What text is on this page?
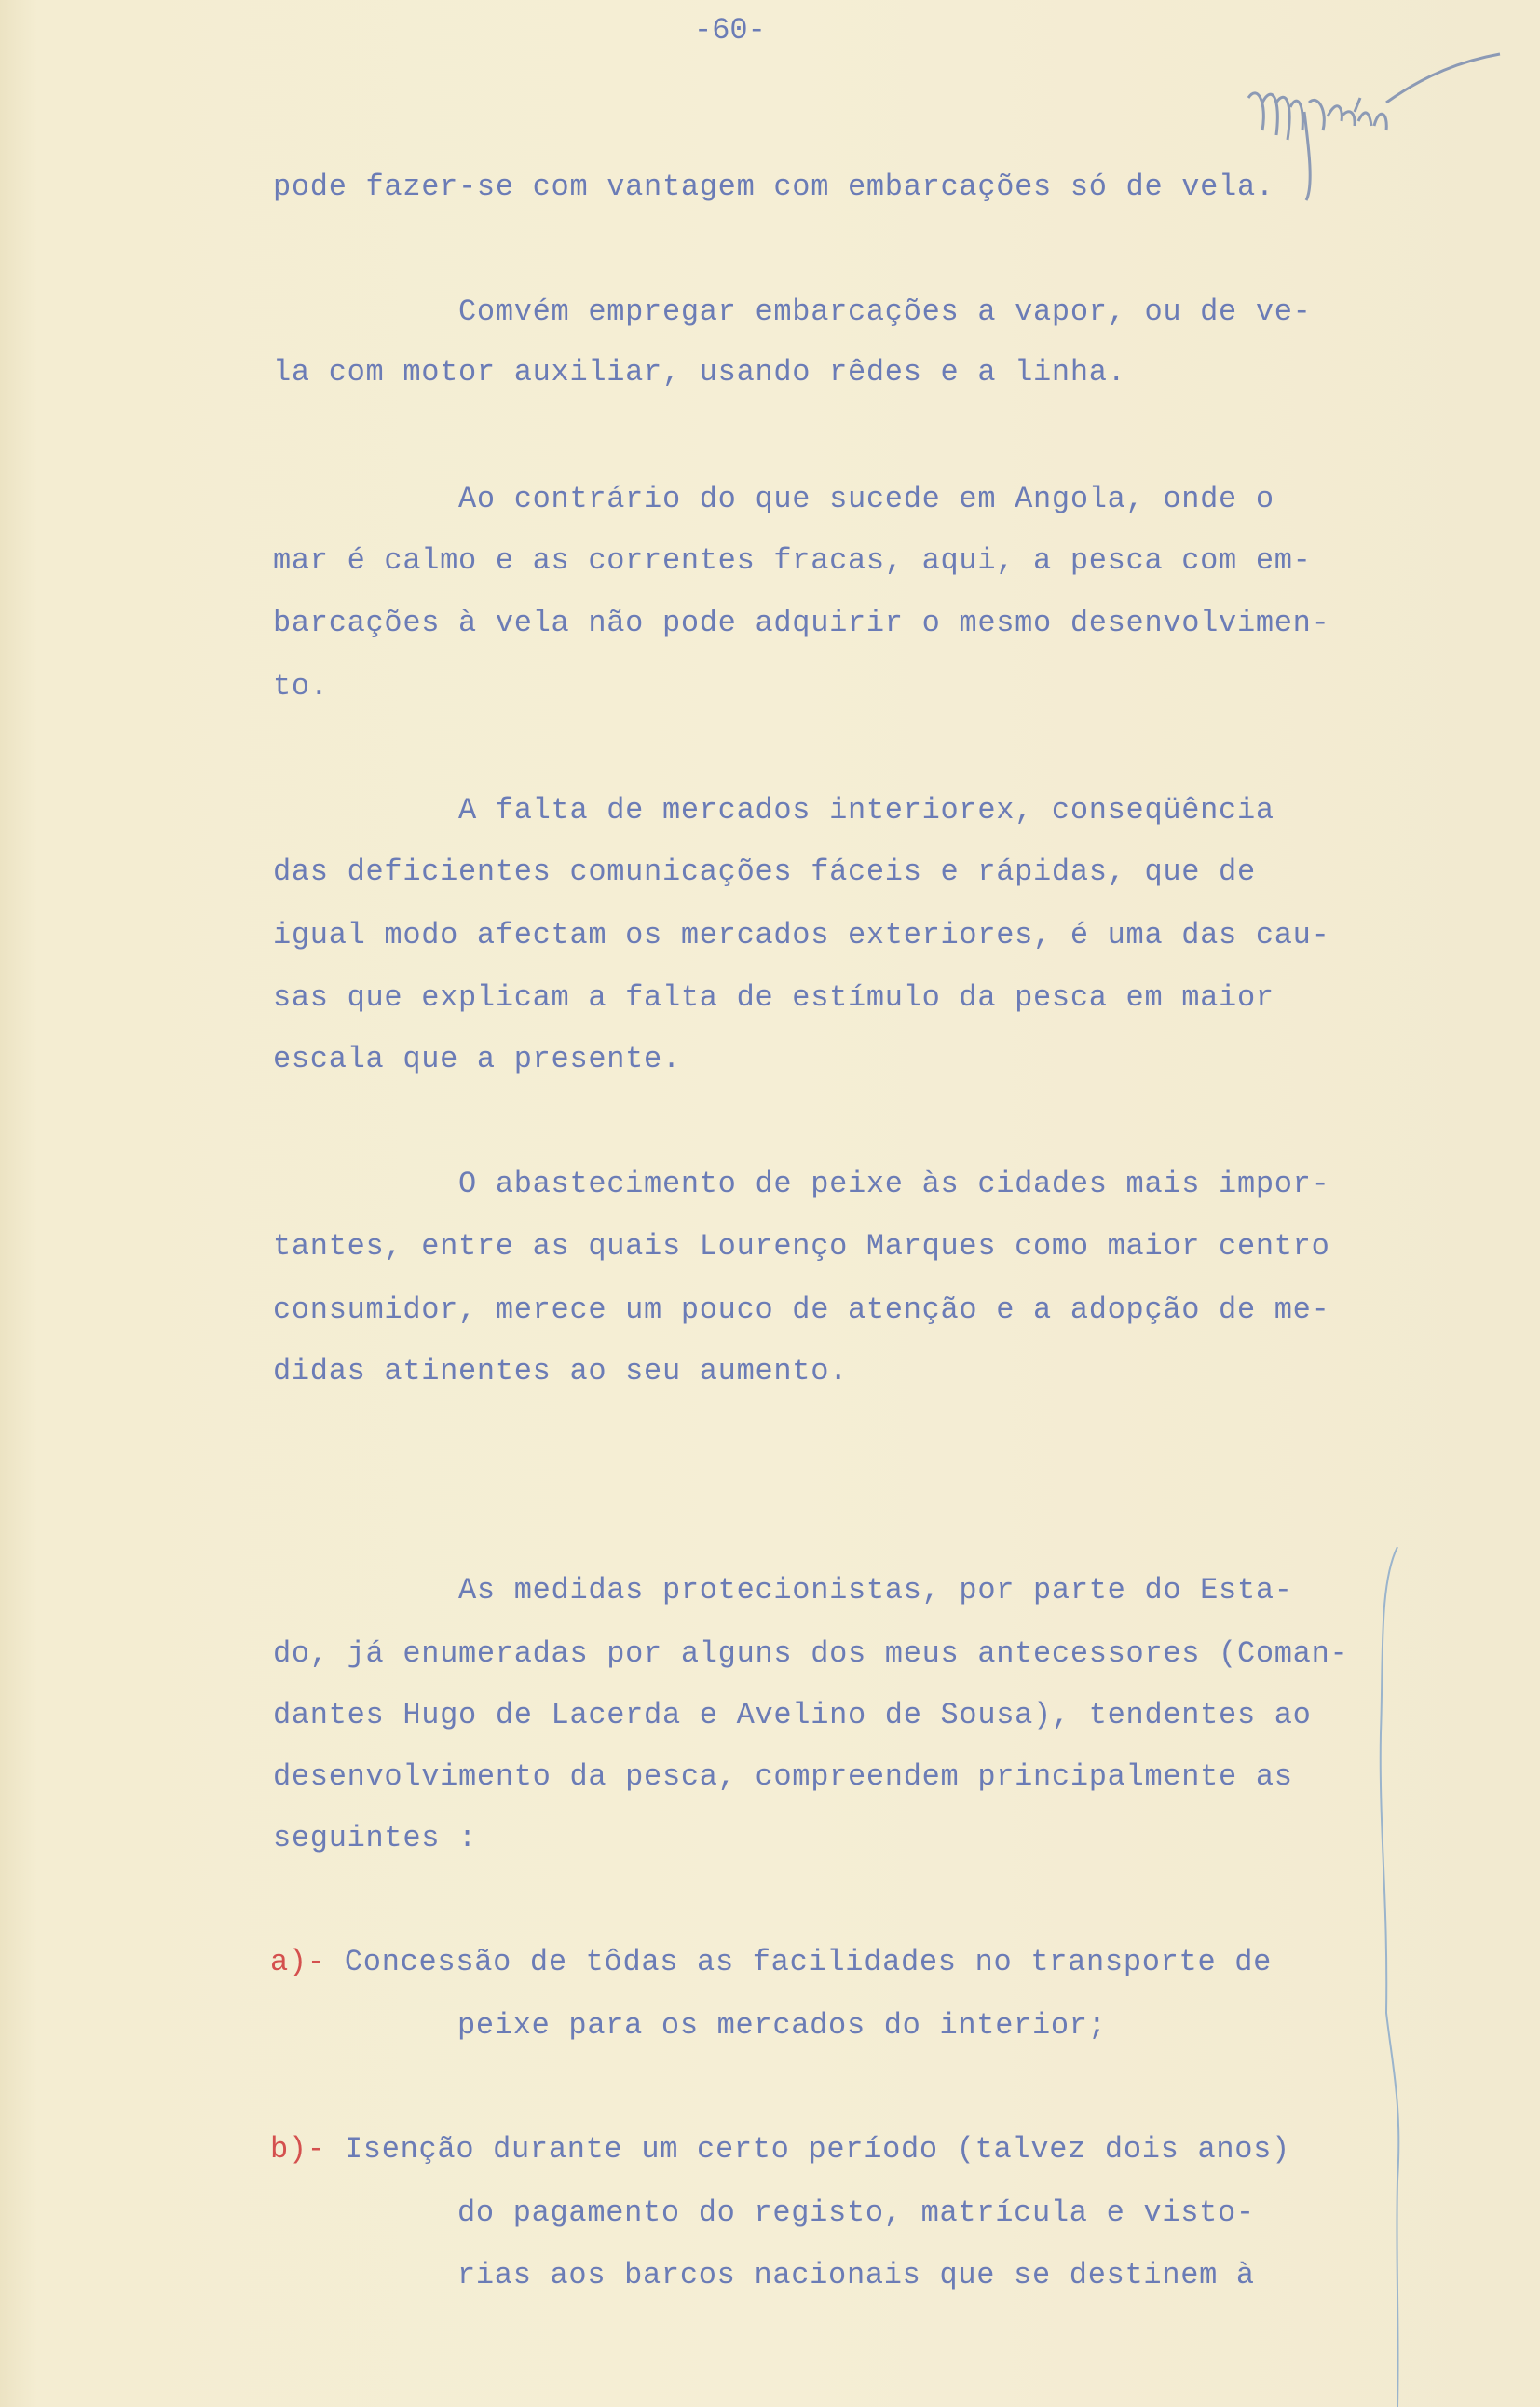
-60-
pode fazer-se com vantagem com embarcações só de vela.
Comvém empregar embarcações a vapor, ou de ve-
la com motor auxiliar, usando rêdes e a linha.
Ao contrário do que sucede em Angola, onde o
mar é calmo e as correntes fracas, aqui, a pesca com em-
barcações à vela não pode adquirir o mesmo desenvolvimen-
to.
A falta de mercados interiorex, conseqüência
das deficientes comunicações fáceis e rápidas, que de
igual modo afectam os mercados exteriores, é uma das cau-
sas que explicam a falta de estímulo da pesca em maior
escala que a presente.
O abastecimento de peixe às cidades mais impor-
tantes, entre as quais Lourenço Marques como maior centro
consumidor, merece um pouco de atenção e a adopção de me-
didas atinentes ao seu aumento.
As medidas protecionistas, por parte do Esta-
do, já enumeradas por alguns dos meus antecessores (Coman-
dantes Hugo de Lacerda e Avelino de Sousa), tendentes ao
desenvolvimento da pesca, compreendem principalmente as
seguintes :
a)- Concessão de tôdas as facilidades no transporte de
peixe para os mercados do interior;
b)- Isenção durante um certo período (talvez dois anos)
do pagamento do registo, matrícula e visto-
rias aos barcos nacionais que se destinem à
